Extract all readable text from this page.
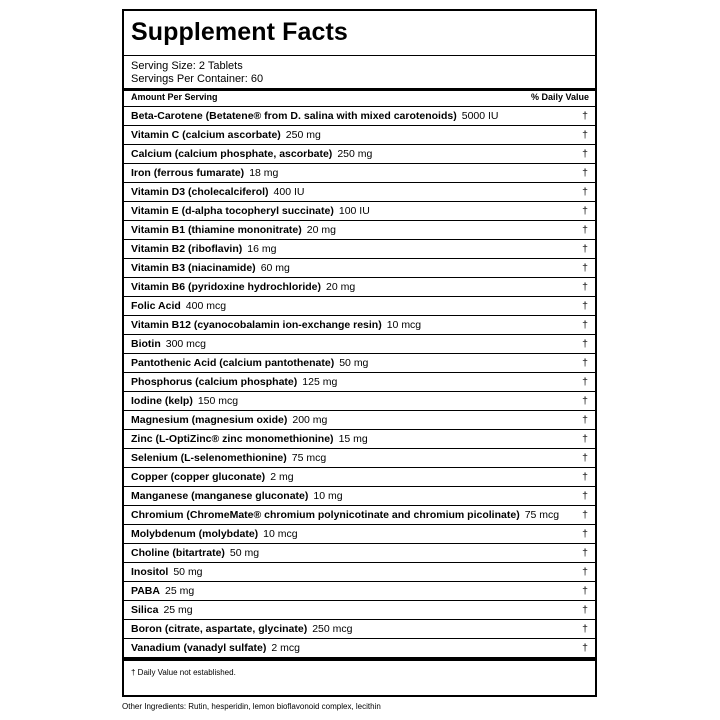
Supplement Facts
Serving Size: 2 Tablets
Servings Per Container: 60
Amount Per Serving	% Daily Value
Beta-Carotene (Betatene® from D. salina with mixed carotenoids) 5000 IU	†
Vitamin C (calcium ascorbate) 250 mg	†
Calcium (calcium phosphate, ascorbate) 250 mg	†
Iron (ferrous fumarate) 18 mg	†
Vitamin D3 (cholecalciferol) 400 IU	†
Vitamin E (d-alpha tocopheryl succinate) 100 IU	†
Vitamin B1 (thiamine mononitrate) 20 mg	†
Vitamin B2 (riboflavin) 16 mg	†
Vitamin B3 (niacinamide) 60 mg	†
Vitamin B6 (pyridoxine hydrochloride) 20 mg	†
Folic Acid 400 mcg	†
Vitamin B12 (cyanocobalamin ion-exchange resin) 10 mcg	†
Biotin 300 mcg	†
Pantothenic Acid (calcium pantothenate) 50 mg	†
Phosphorus (calcium phosphate) 125 mg	†
Iodine (kelp) 150 mcg	†
Magnesium (magnesium oxide) 200 mg	†
Zinc (L-OptiZinc® zinc monomethionine) 15 mg	†
Selenium (L-selenomethionine) 75 mcg	†
Copper (copper gluconate) 2 mg	†
Manganese (manganese gluconate) 10 mg	†
Chromium (ChromeMate® chromium polynicotinate and chromium picolinate) 75 mcg †
Molybdenum (molybdate) 10 mcg	†
Choline (bitartrate) 50 mg	†
Inositol 50 mg	†
PABA 25 mg	†
Silica 25 mg	†
Boron (citrate, aspartate, glycinate) 250 mcg	†
Vanadium (vanadyl sulfate) 2 mcg	†
† Daily Value not established.
Other Ingredients: Rutin, hesperidin, lemon bioflavonoid complex, lecithin
